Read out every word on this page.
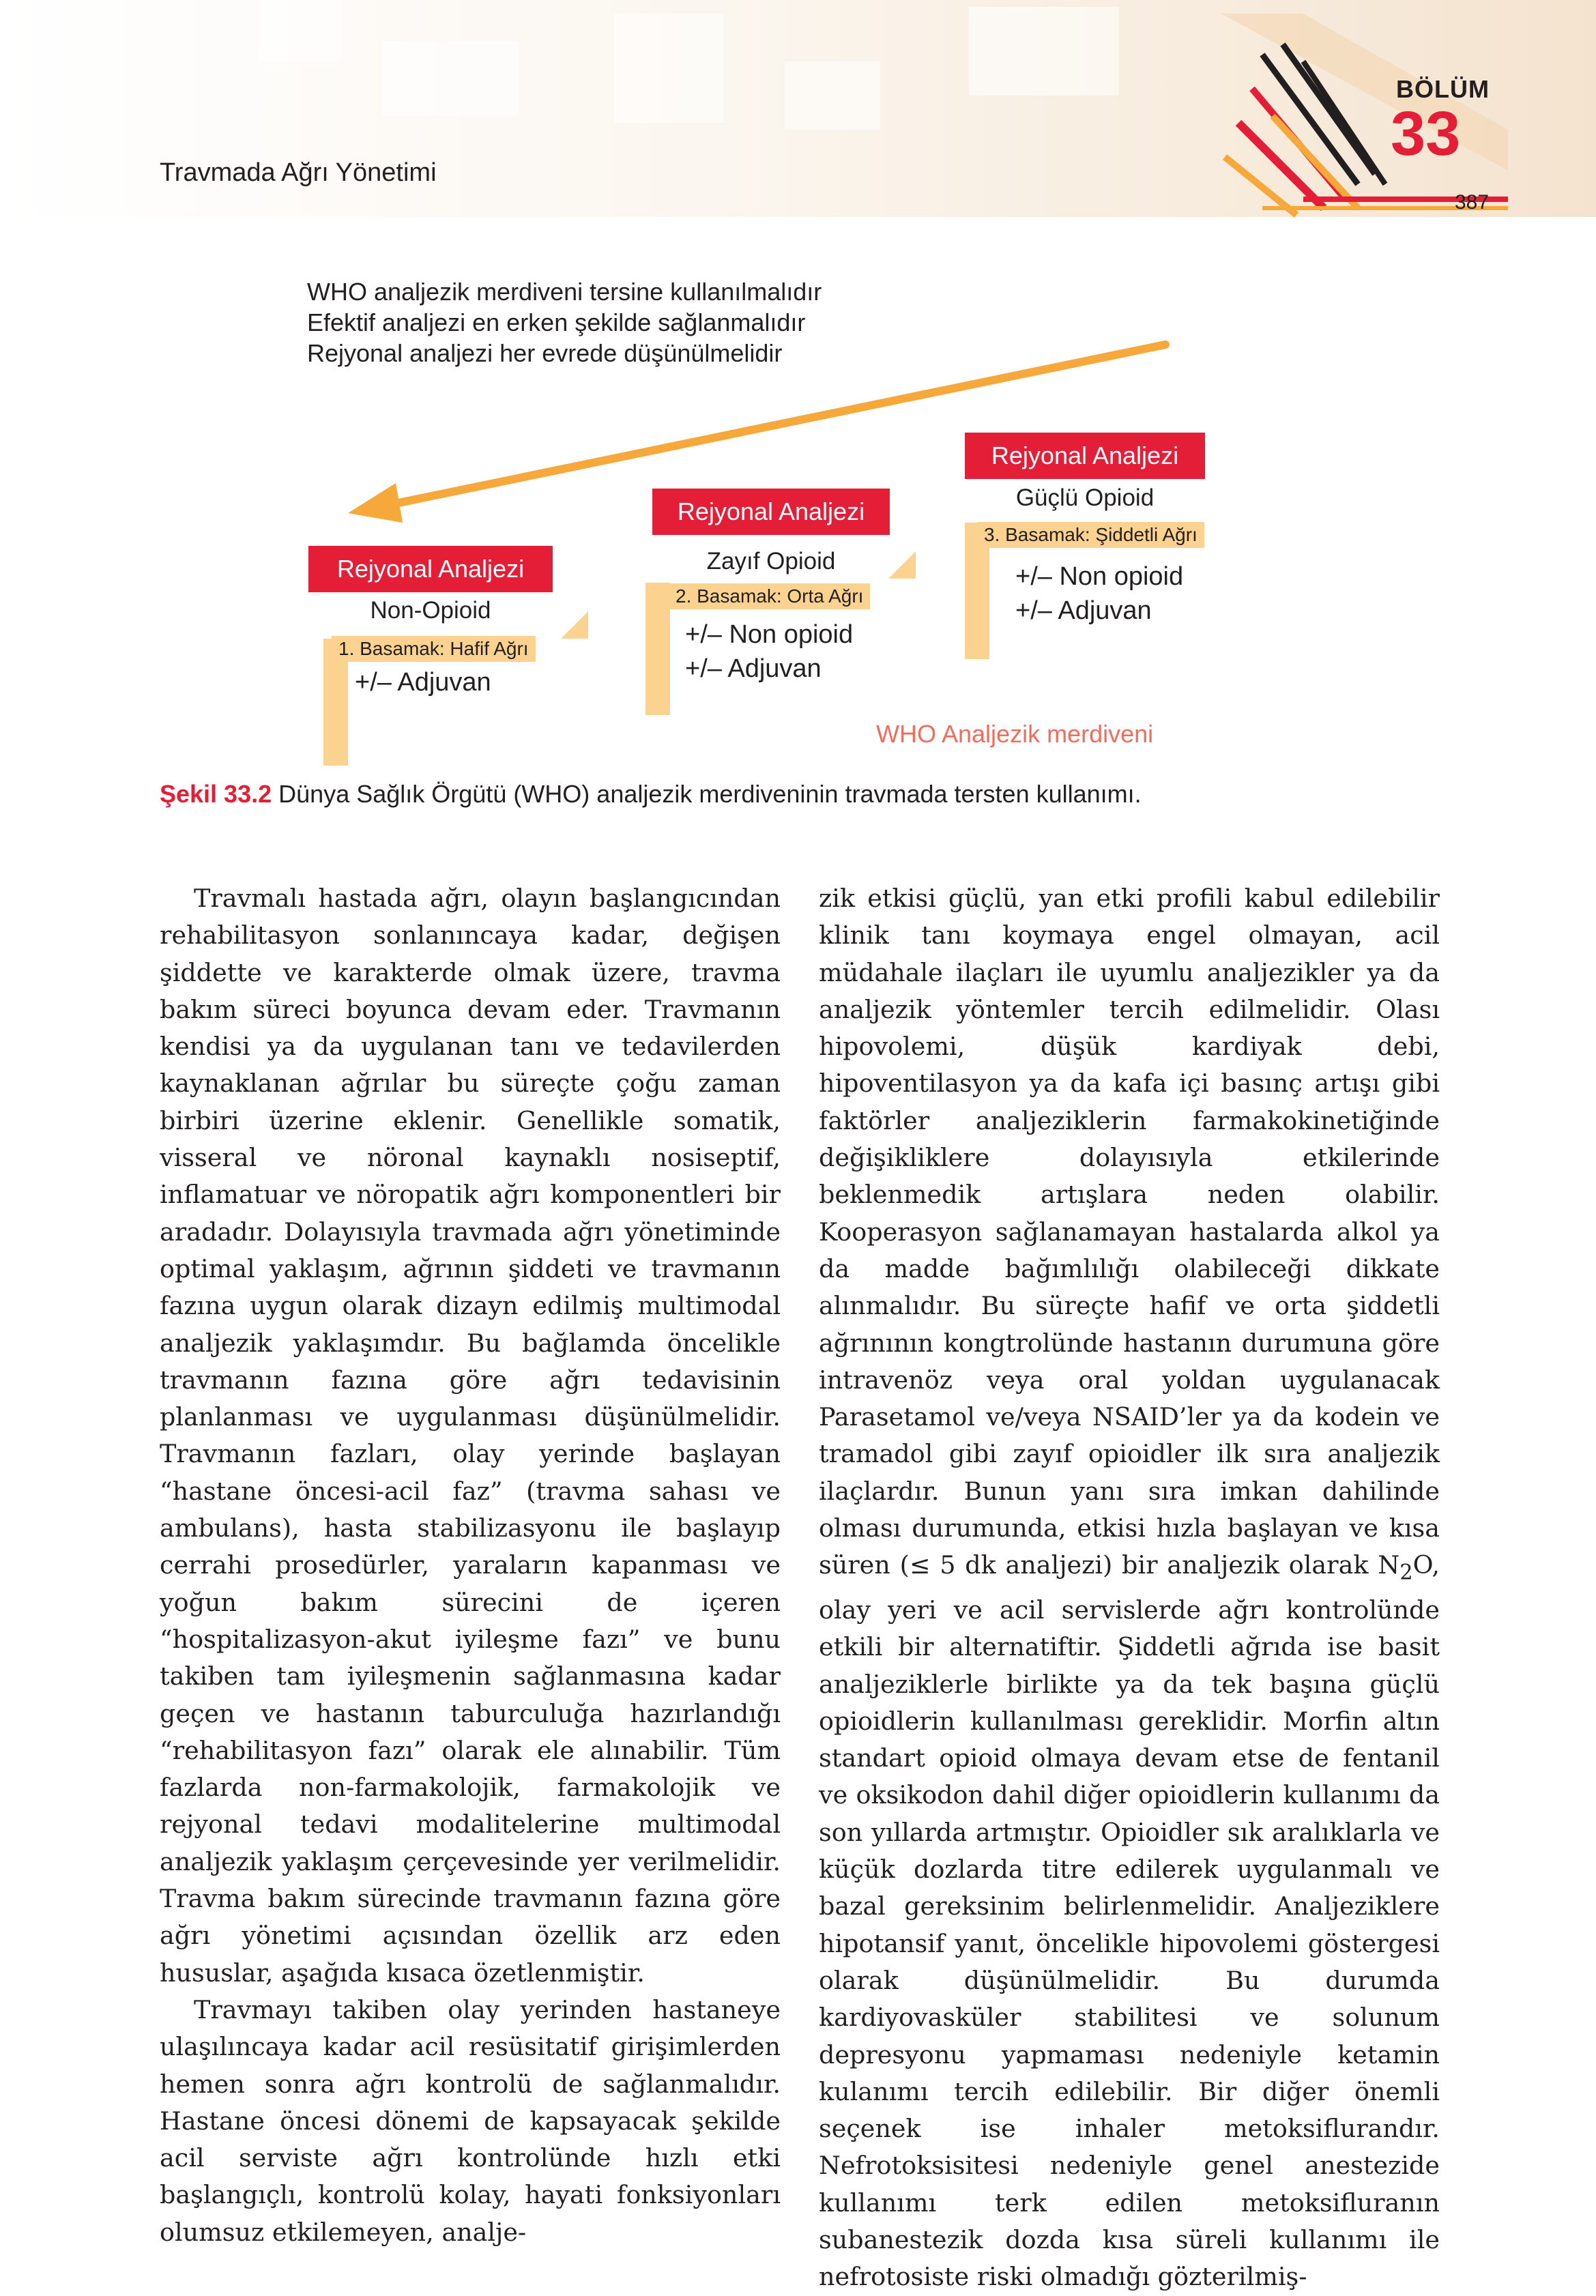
Travmada Ağrı Yönetimi
BÖLÜM
33
387
WHO analjezik merdiveni tersine kullanılmalıdır
Efektif analjezi en erken şekilde sağlanmalıdır
Rejyonal analjezi her evrede düşünülmelidir
Rejyonal Analjezi
Non-Opioid
1. Basamak: Hafif Ağrı
+/– Adjuvan
Rejyonal Analjezi
Zayıf Opioid
2. Basamak: Orta Ağrı
+/– Non opioid
+/– Adjuvan
Rejyonal Analjezi
Güçlü Opioid
3. Basamak: Şiddetli Ağrı
+/– Non opioid
+/– Adjuvan
WHO Analjezik merdiveni
Şekil 33.2 Dünya Sağlık Örgütü (WHO) analjezik merdiveninin travmada tersten kullanımı.

Travmalı hastada ağrı, olayın başlangıcından rehabilitasyon sonlanıncaya kadar, değişen şiddette ve karakterde olmak üzere, travma bakım süreci boyunca devam eder. Travmanın kendisi ya da uygulanan tanı ve tedavilerden kaynaklanan ağrılar bu süreçte çoğu zaman birbiri üzerine eklenir. Genellikle somatik, visseral ve nöronal kaynaklı nosiseptif, inflamatuar ve nöropatik ağrı komponentleri bir aradadır. Dolayısıyla travmada ağrı yönetiminde optimal yaklaşım, ağrının şiddeti ve travmanın fazına uygun olarak dizayn edilmiş multimodal analjezik yaklaşımdır. Bu bağlamda öncelikle travmanın fazına göre ağrı tedavisinin planlanması ve uygulanması düşünülmelidir. Travmanın fazları, olay yerinde başlayan “hastane öncesi-acil faz” (travma sahası ve ambulans), hasta stabilizasyonu ile başlayıp cerrahi prosedürler, yaraların kapanması ve yoğun bakım sürecini de içeren “hospitalizasyon-akut iyileşme fazı” ve bunu takiben tam iyileşmenin sağlanmasına kadar geçen ve hastanın taburculuğa hazırlandığı “rehabilitasyon fazı” olarak ele alınabilir. Tüm fazlarda non-farmakolojik, farmakolojik ve rejyonal tedavi modalitelerine multimodal analjezik yaklaşım çerçevesinde yer verilmelidir. Travma bakım sürecinde travmanın fazına göre ağrı yönetimi açısından özellik arz eden hususlar, aşağıda kısaca özetlenmiştir.

Travmayı takiben olay yerinden hastaneye ulaşılıncaya kadar acil resüsitatif girişimlerden hemen sonra ağrı kontrolü de sağlanmalıdır. Hastane öncesi dönemi de kapsayacak şekilde acil serviste ağrı kontrolünde hızlı etki başlangıçlı, kontrolü kolay, hayati fonksiyonları olumsuz etkilemeyen, analje-

zik etkisi güçlü, yan etki profili kabul edilebilir klinik tanı koymaya engel olmayan, acil müdahale ilaçları ile uyumlu analjezikler ya da analjezik yöntemler tercih edilmelidir. Olası hipovolemi, düşük kardiyak debi, hipoventilasyon ya da kafa içi basınç artışı gibi faktörler analjeziklerin farmakokinetiğinde değişikliklere dolayısıyla etkilerinde beklenmedik artışlara neden olabilir. Kooperasyon sağlanamayan hastalarda alkol ya da madde bağımlılığı olabileceği dikkate alınmalıdır. Bu süreçte hafif ve orta şiddetli ağrınının kongtrolünde hastanın durumuna göre intravenöz veya oral yoldan uygulanacak Parasetamol ve/veya NSAID’ler ya da kodein ve tramadol gibi zayıf opioidler ilk sıra analjezik ilaçlardır. Bunun yanı sıra imkan dahilinde olması durumunda, etkisi hızla başlayan ve kısa süren (≤ 5 dk analjezi) bir analjezik olarak $N_2O$, olay yeri ve acil servislerde ağrı kontrolünde etkili bir alternatiftir. Şiddetli ağrıda ise basit analjeziklerle birlikte ya da tek başına güçlü opioidlerin kullanılması gereklidir. Morfin altın standart opioid olmaya devam etse de fentanil ve oksikodon dahil diğer opioidlerin kullanımı da son yıllarda artmıştır. Opioidler sık aralıklarla ve küçük dozlarda titre edilerek uygulanmalı ve bazal gereksinim belirlenmelidir. Analjeziklere hipotansif yanıt, öncelikle hipovolemi göstergesi olarak düşünülmelidir. Bu durumda kardiyovasküler stabilitesi ve solunum depresyonu yapmaması nedeniyle ketamin kulanımı tercih edilebilir. Bir diğer önemli seçenek ise inhaler metoksiflurandır. Nefrotoksisitesi nedeniyle genel anestezide kullanımı terk edilen metoksifluranın subanestezik dozda kısa süreli kullanımı ile nefrotosiste riski olmadığı gözterilmiş-
